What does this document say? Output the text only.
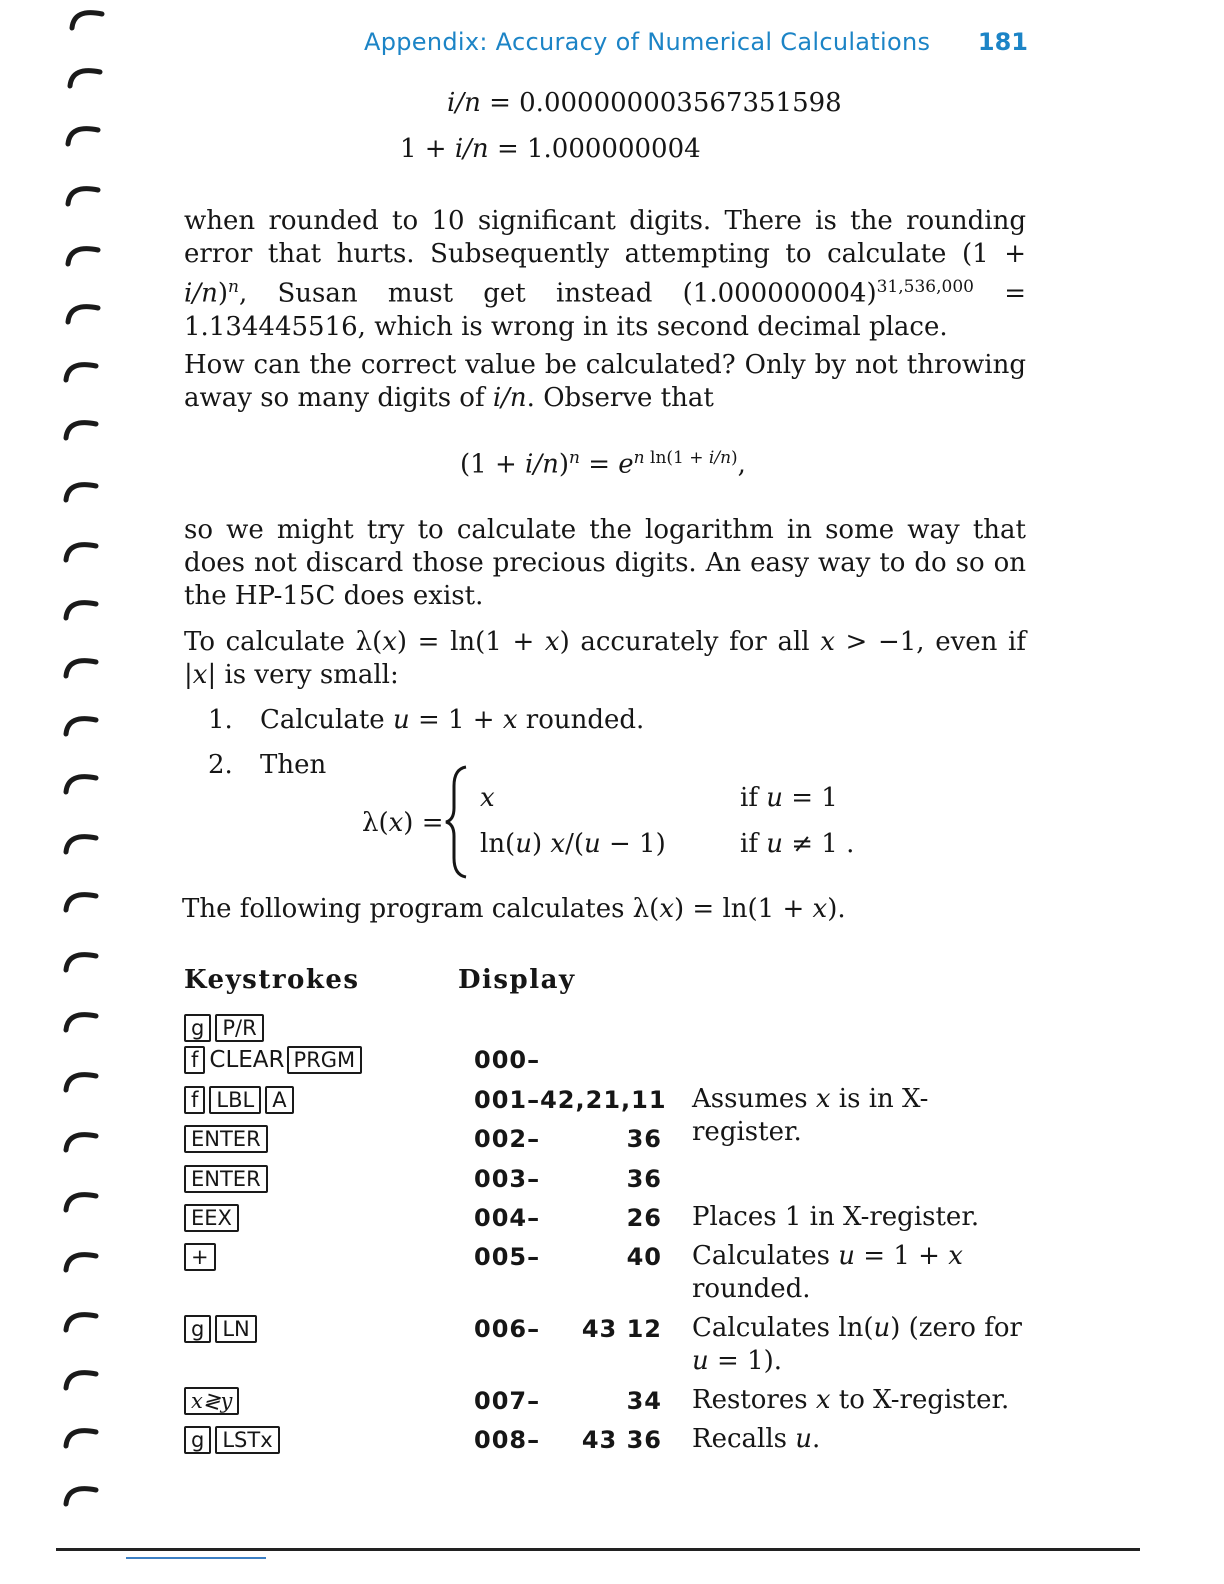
Appendix: Accuracy of Numerical Calculations 181
i/n = 0.000000003567351598
1 + i/n = 1.000000004
when rounded to 10 significant digits. There is the rounding error that hurts. Subsequently attempting to calculate $(1 + i/n)^n$, Susan must get instead $(1.000000004)^{31,536,000} = 1.134445516$, which is wrong in its second decimal place.
How can the correct value be calculated? Only by not throwing away so many digits of i/n. Observe that
$(1 + i/n)^n = e^{n ln(1 + i/n)}$,
so we might try to calculate the logarithm in some way that does not discard those precious digits. An easy way to do so on the HP-15C does exist.
To calculate λ(x) = ln(1 + x) accurately for all x > −1, even if |x| is very small:
1. Calculate u = 1 + x rounded.
2. Then
λ(x) =
x	if u = 1
ln(u) x/(u − 1)	if u ≠ 1 .
The following program calculates λ(x) = ln(1 + x).
Keystrokes	Display
g P/R
f CLEAR PRGM	000–
f LBL A	001–42,21,11 Assumes x is in X-register.
ENTER	002–	36
ENTER	003–	36
EEX	004–	26 Places 1 in X-register.
+	005–	40 Calculates u = 1 + x rounded.
g LN	006– 43 12 Calculates ln(u) (zero for u = 1).
x≷y	007–	34 Restores x to X-register.
g LSTx	008– 43 36 Recalls u.
